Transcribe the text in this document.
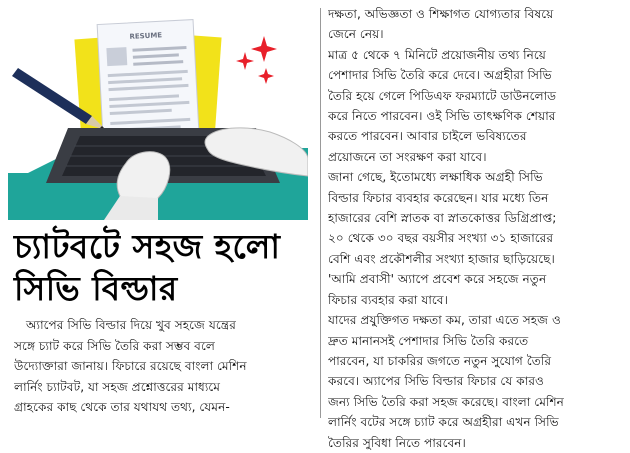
RESUME
চ্যাটবটে সহজ হলো
সিভি বিল্ডার
অ্যাপের সিভি বিল্ডার দিয়ে খুব সহজে যন্ত্রের
সঙ্গে চ্যাট করে সিভি তৈরি করা সম্ভব বলে
উদ্যোক্তারা জানায়। ফিচারে রয়েছে বাংলা মেশিন
লার্নিং চ্যাটবট, যা সহজ প্রশ্নোত্তরের মাধ্যমে
গ্রাহকের কাছ থেকে তার যথাযথ তথ্য, যেমন-
দক্ষতা, অভিজ্ঞতা ও শিক্ষাগত যোগ্যতার বিষয়ে
জেনে নেয়।
মাত্র ৫ থেকে ৭ মিনিটে প্রয়োজনীয় তথ্য নিয়ে
পেশাদার সিভি তৈরি করে দেবে। অগ্রহীরা সিভি
তৈরি হয়ে গেলে পিডিএফ ফরম্যাটে ডাউনলোড
করে নিতে পারবেন। ওই সিভি তাৎক্ষণিক শেয়ার
করতে পারবেন। আবার চাইলে ভবিষ্যতের
প্রয়োজনে তা সংরক্ষণ করা যাবে।
জানা গেছে, ইতোমধ্যে লক্ষাধিক অগ্রহী সিভি
বিল্ডার ফিচার ব্যবহার করেছেন। যার মধ্যে তিন
হাজারের বেশি স্নাতক বা স্নাতকোত্তর ডিগ্রিপ্রাপ্ত;
২০ থেকে ৩০ বছর বয়সীর সংখ্যা ৩১ হাজারের
বেশি এবং প্রকৌশলীর সংখ্যা হাজার ছাড়িয়েছে।
'আমি প্রবাসী' অ্যাপে প্রবেশ করে সহজে নতুন
ফিচার ব্যবহার করা যাবে।
যাদের প্রযুক্তিগত দক্ষতা কম, তারা এতে সহজ ও
দ্রুত মানানসই পেশাদার সিভি তৈরি করতে
পারবেন, যা চাকরির জগতে নতুন সুযোগ তৈরি
করবে। অ্যাপের সিভি বিল্ডার ফিচার যে কারও
জন্য সিভি তৈরি করা সহজ করেছে। বাংলা মেশিন
লার্নিং বটের সঙ্গে চ্যাট করে অগ্রহীরা এখন সিভি
তৈরির সুবিধা নিতে পারবেন।
